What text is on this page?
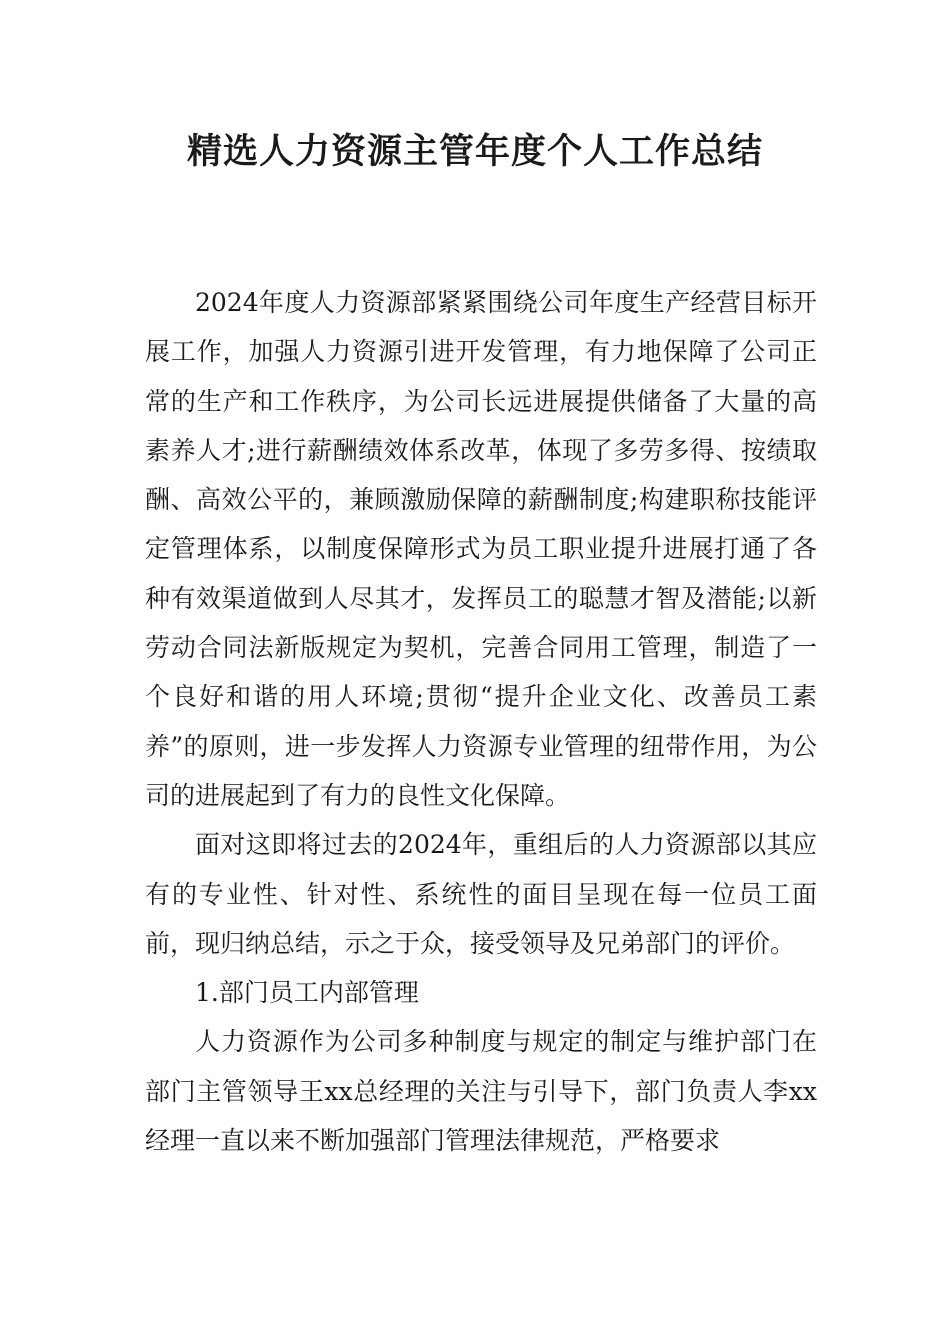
精选人力资源主管年度个人工作总结

2024年度人力资源部紧紧围绕公司年度生产经营目标开展工作，加强人力资源引进开发管理，有力地保障了公司正常的生产和工作秩序，为公司长远进展提供储备了大量的高素养人才;进行薪酬绩效体系改革，体现了多劳多得、按绩取酬、高效公平的，兼顾激励保障的薪酬制度;构建职称技能评定管理体系，以制度保障形式为员工职业提升进展打通了各种有效渠道做到人尽其才，发挥员工的聪慧才智及潜能;以新劳动合同法新版规定为契机，完善合同用工管理，制造了一个良好和谐的用人环境;贯彻“提升企业文化、改善员工素养”的原则，进一步发挥人力资源专业管理的纽带作用，为公司的进展起到了有力的良性文化保障。

面对这即将过去的2024年，重组后的人力资源部以其应有的专业性、针对性、系统性的面目呈现在每一位员工面前，现归纳总结，示之于众，接受领导及兄弟部门的评价。

1.部门员工内部管理

人力资源作为公司多种制度与规定的制定与维护部门在部门主管领导王xx总经理的关注与引导下，部门负责人李xx经理一直以来不断加强部门管理法律规范，严格要求
